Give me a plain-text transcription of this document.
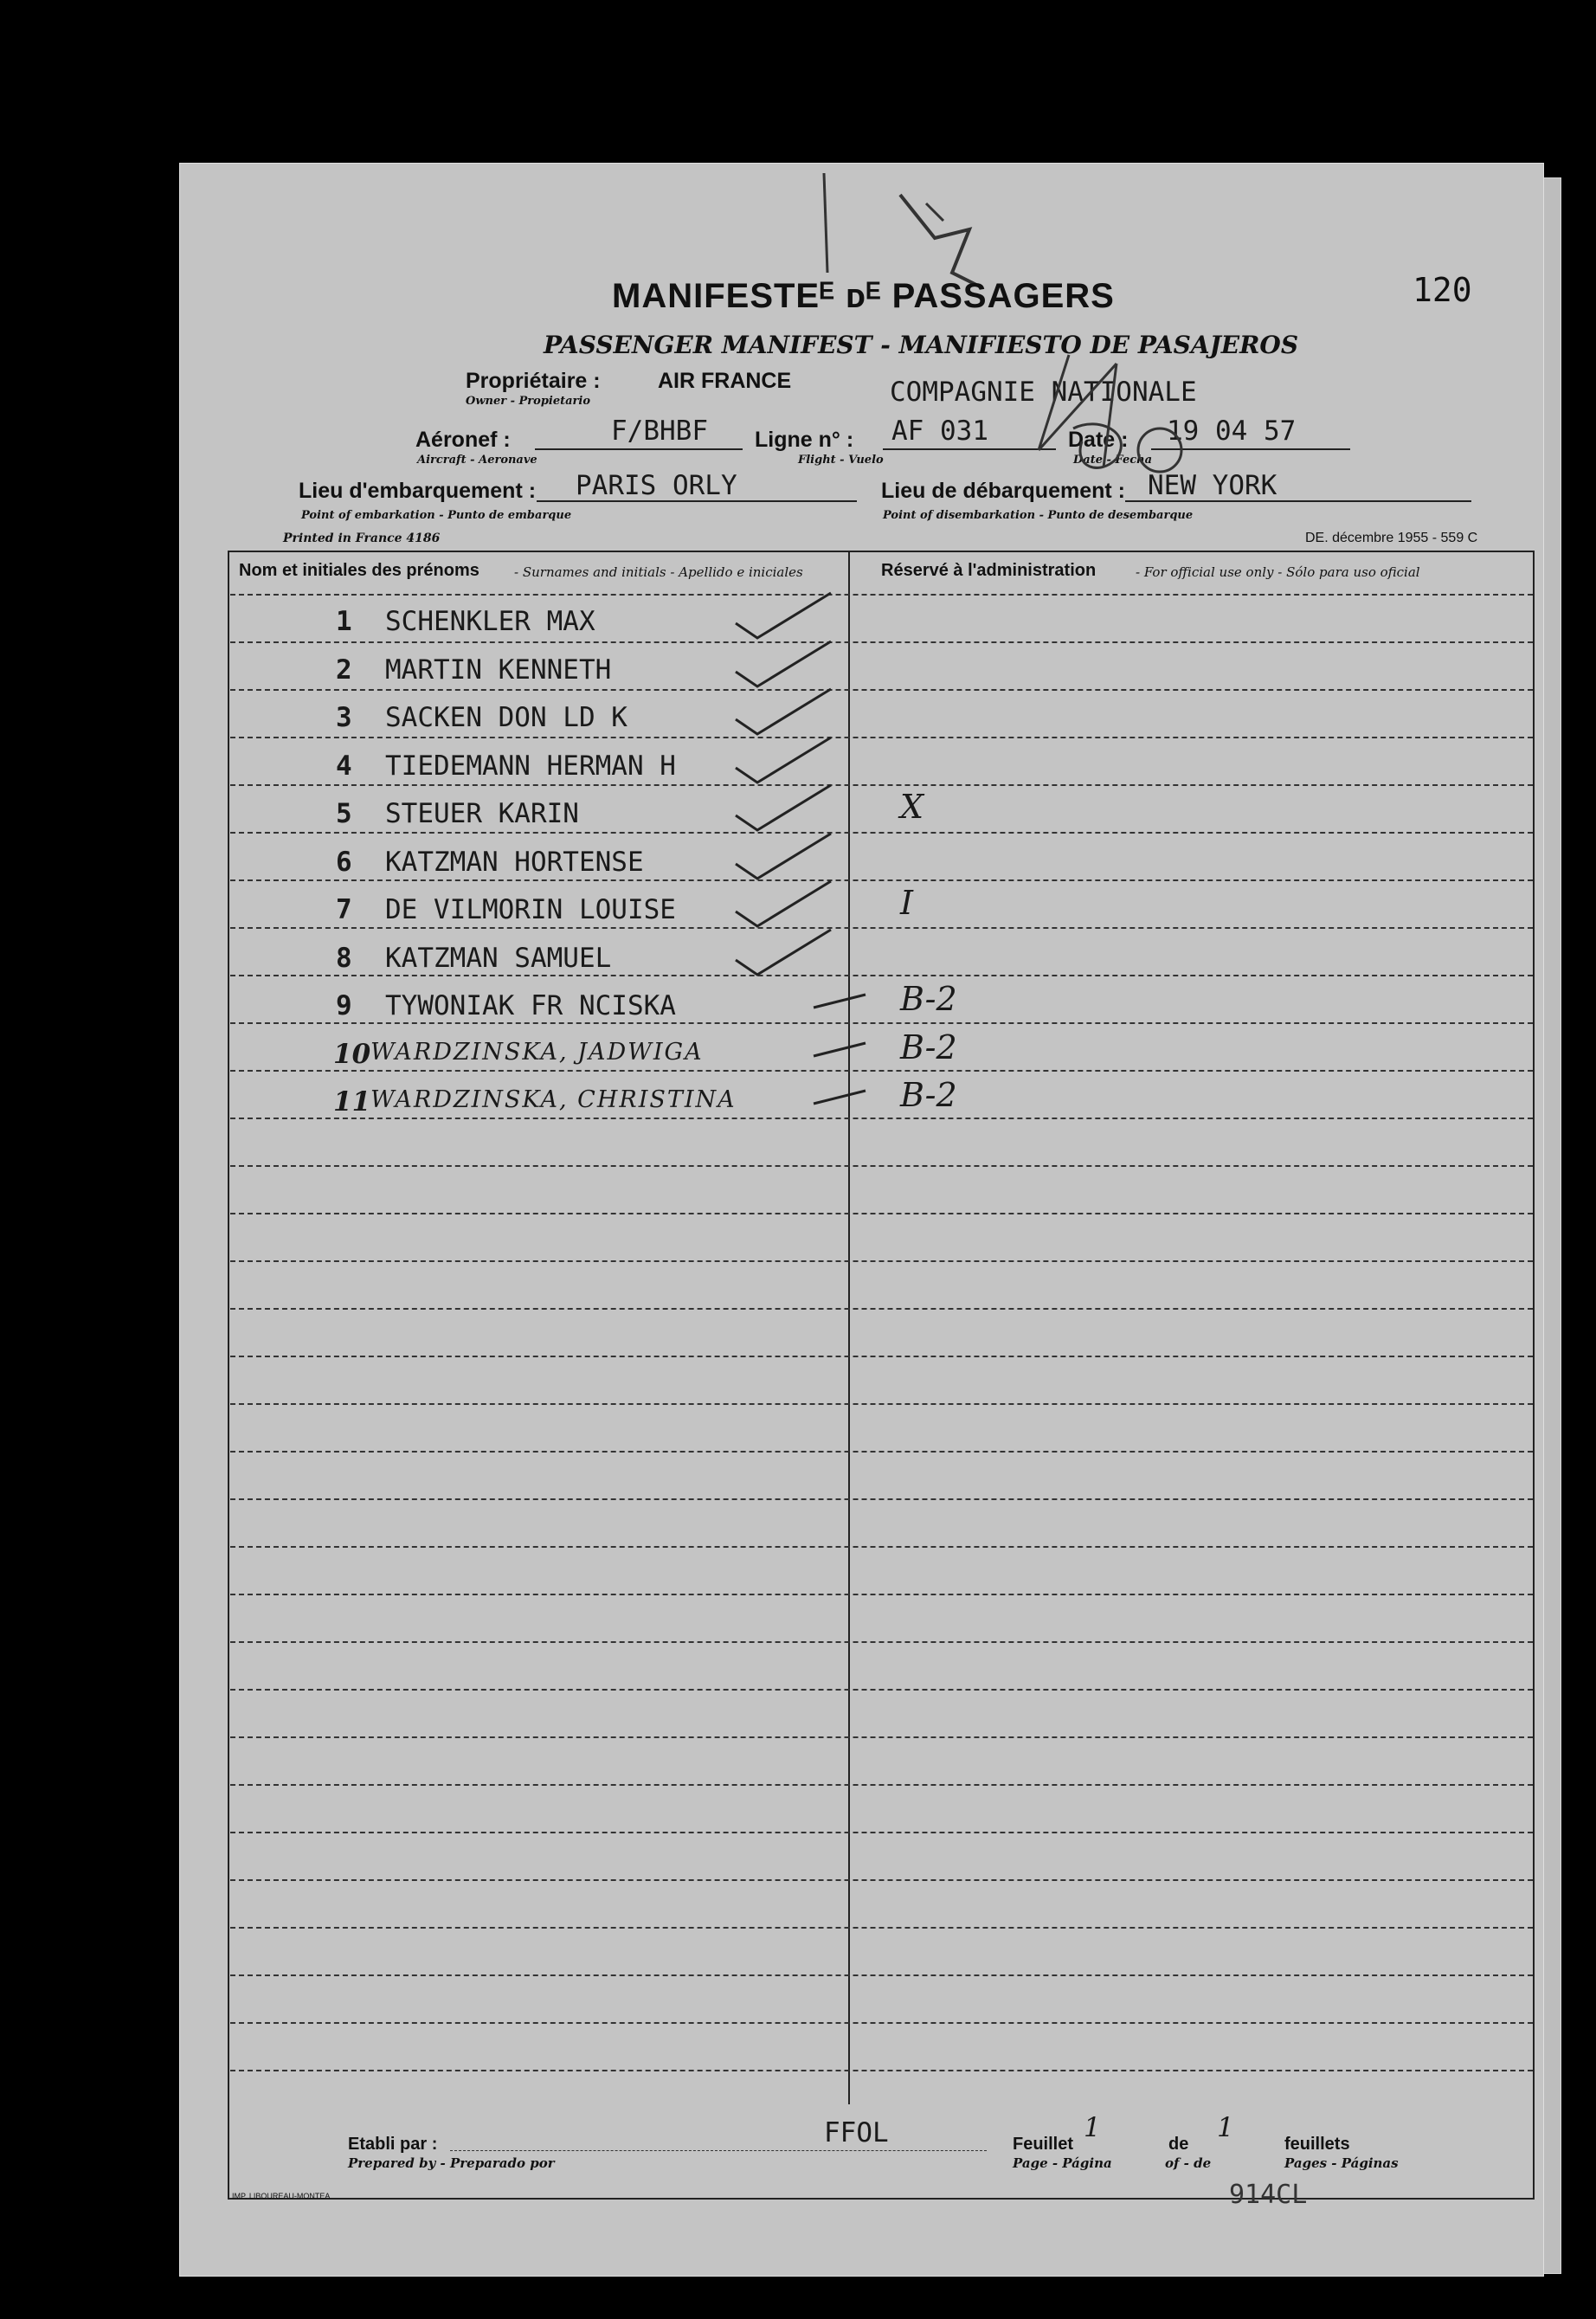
120
MANIFESTEᴱ ᴅᴱ PASSAGERS
PASSENGER MANIFEST - MANIFIESTO DE PASAJEROS
Propriétaire :
Owner - Propietario
AIR FRANCE	COMPAGNIE NATIONALE
Aéronef :
Aircraft - Aeronave
F/BHBF Ligne n° :
Flight - Vuelo
AF 031	Date :
Date - Fecha
19 04 57
Lieu d'embarquement :
Point of embarkation - Punto de embarque
PARIS ORLY	Lieu de débarquement :
Point of disembarkation - Punto de desembarque
NEW YORK
Printed in France 4186	DE. décembre 1955 - 559 C
Nom et initiales des prénoms	- Surnames and initials - Apellido e iniciales	Réservé à l'administration	- For official use only - Sólo para uso oficial
1 SCHENKLER MAX
2 MARTIN KENNETH
3 SACKEN DON LD K
4 TIEDEMANN HERMAN H
5 STEUER KARIN	X
6 KATZMAN HORTENSE
7 DE VILMORIN LOUISE	I
8 KATZMAN SAMUEL
9 TYWONIAK FR NCISKA	B-2
10 WARDZINSKA, JADWIGA	B-2
11 WARDZINSKA, CHRISTINA	B-2
Etabli par :
Prepared by - Preparado por
FFOL	Feuillet
Page - Página
1
de
of - de
1
feuillets
Pages - Páginas
IMP. LIBOUREAU-MONTEA	914CL
